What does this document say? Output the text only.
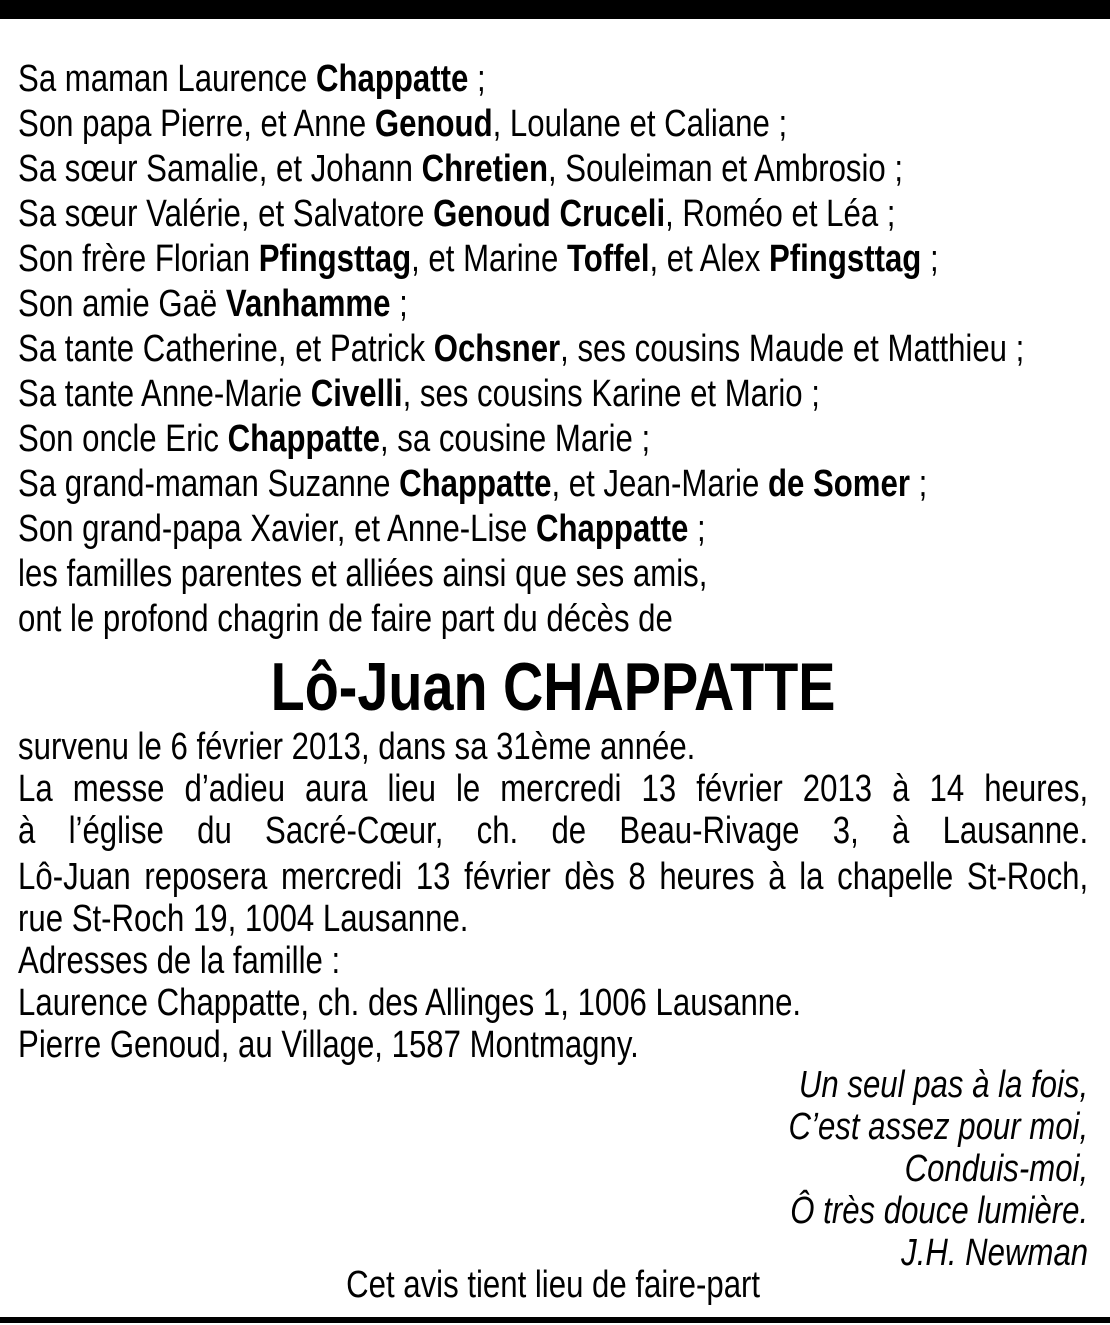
Sa maman Laurence Chappatte ;
Son papa Pierre, et Anne Genoud, Loulane et Caliane ;
Sa sœur Samalie, et Johann Chretien, Souleiman et Ambrosio ;
Sa sœur Valérie, et Salvatore Genoud Cruceli, Roméo et Léa ;
Son frère Florian Pfingsttag, et Marine Toffel, et Alex Pfingsttag ;
Son amie Gaë Vanhamme ;
Sa tante Catherine, et Patrick Ochsner, ses cousins Maude et Matthieu ;
Sa tante Anne-Marie Civelli, ses cousins Karine et Mario ;
Son oncle Eric Chappatte, sa cousine Marie ;
Sa grand-maman Suzanne Chappatte, et Jean-Marie de Somer ;
Son grand-papa Xavier, et Anne-Lise Chappatte ;
les familles parentes et alliées ainsi que ses amis,
ont le profond chagrin de faire part du décès de
Lô-Juan CHAPPATTE
survenu le 6 février 2013, dans sa 31ème année.
La messe d’adieu aura lieu le mercredi 13 février 2013 à 14 heures,
à l’église du Sacré-Cœur, ch. de Beau-Rivage 3, à Lausanne.
Lô-Juan reposera mercredi 13 février dès 8 heures à la chapelle St-Roch,
rue St-Roch 19, 1004 Lausanne.
Adresses de la famille :
Laurence Chappatte, ch. des Allinges 1, 1006 Lausanne.
Pierre Genoud, au Village, 1587 Montmagny.
Un seul pas à la fois,
C’est assez pour moi,
Conduis-moi,
Ô très douce lumière.
J.H. Newman
Cet avis tient lieu de faire-part
